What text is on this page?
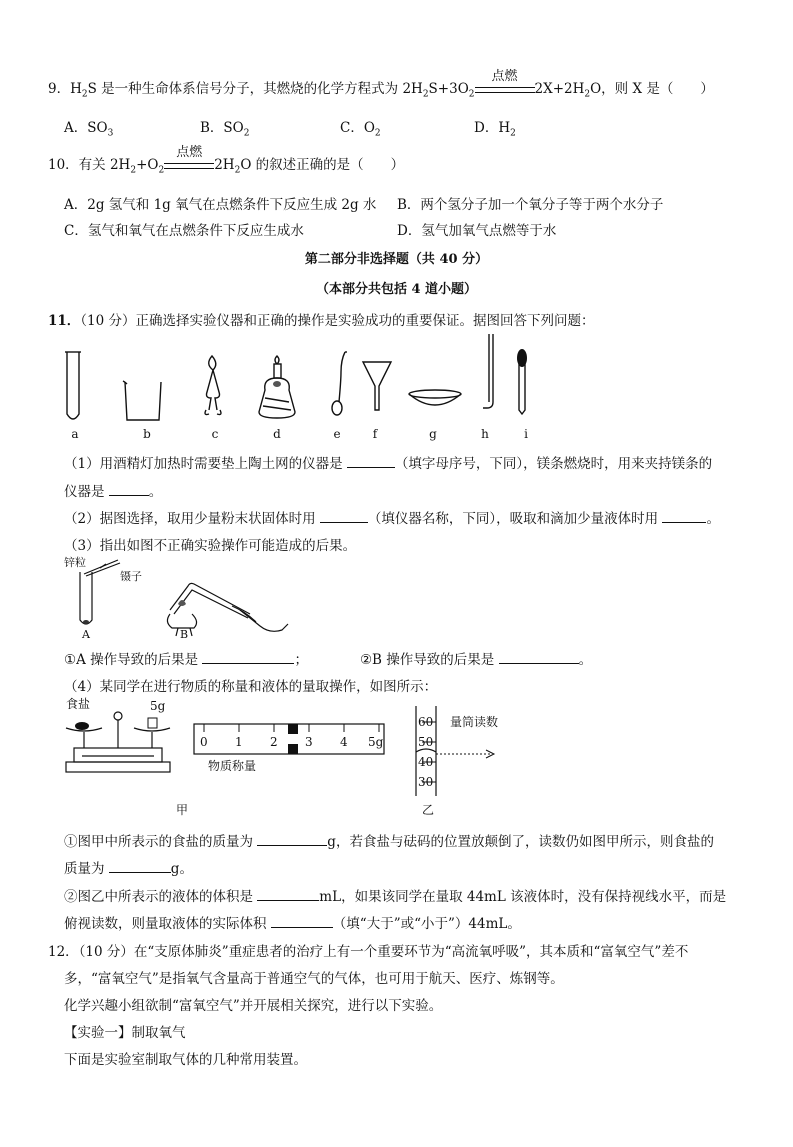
9．$H_2S$ 是一种生命体系信号分子，其燃烧的化学方程式为 $2H_2S+3O_2$
点燃
$2X+2H_2O$，则 X 是（　　）
A．$SO_3$	B．$SO_2$	C．$O_2$	D．$H_2$
10．有关 $2H_2+O_2$
点燃
$2H_2O$ 的叙述正确的是（　　）
A．2g 氢气和 1g 氧气在点燃条件下反应生成 2g 水 B．两个氢分子加一个氧分子等于两个水分子
C．氢气和氧气在点燃条件下反应生成水	D．氢气加氧气点燃等于水
第二部分非选择题（共 40 分）
（本部分共包括 4 道小题）
11．（10 分）正确选择实验仪器和正确的操作是实验成功的重要保证。据图回答下列问题：
a	b	c	d	e	f	g	h	i
（1）用酒精灯加热时需要垫上陶土网的仪器是	（填字母序号，下同），镁条燃烧时，用来夹持镁条的
仪器是	。
（2）据图选择，取用少量粉末状固体时用	（填仪器名称，下同），吸取和滴加少量液体时用	。
（3）指出如图不正确实验操作可能造成的后果。
锌粒
镊子
A	B
①A 操作导致的后果是	；	②B 操作导致的后果是	。
（4）某同学在进行物质的称量和液体的量取操作，如图所示：
食盐	5g
0 1 2 3 4 5g
物质称量
甲
60
50
40
30
量筒读数
乙
①图甲中所表示的食盐的质量为	g，若食盐与砝码的位置放颠倒了，读数仍如图甲所示，则食盐的
质量为	g。
②图乙中所表示的液体的体积是	mL，如果该同学在量取 44mL 该液体时，没有保持视线水平，而是
俯视读数，则量取液体的实际体积	（填“大于”或“小于”）44mL。
12．（10 分）在“支原体肺炎”重症患者的治疗上有一个重要环节为“高流氧呼吸”，其本质和“富氧空气”差不
多，“富氧空气”是指氧气含量高于普通空气的气体，也可用于航天、医疗、炼钢等。
化学兴趣小组欲制“富氧空气”并开展相关探究，进行以下实验。
【实验一】制取氧气
下面是实验室制取气体的几种常用装置。
